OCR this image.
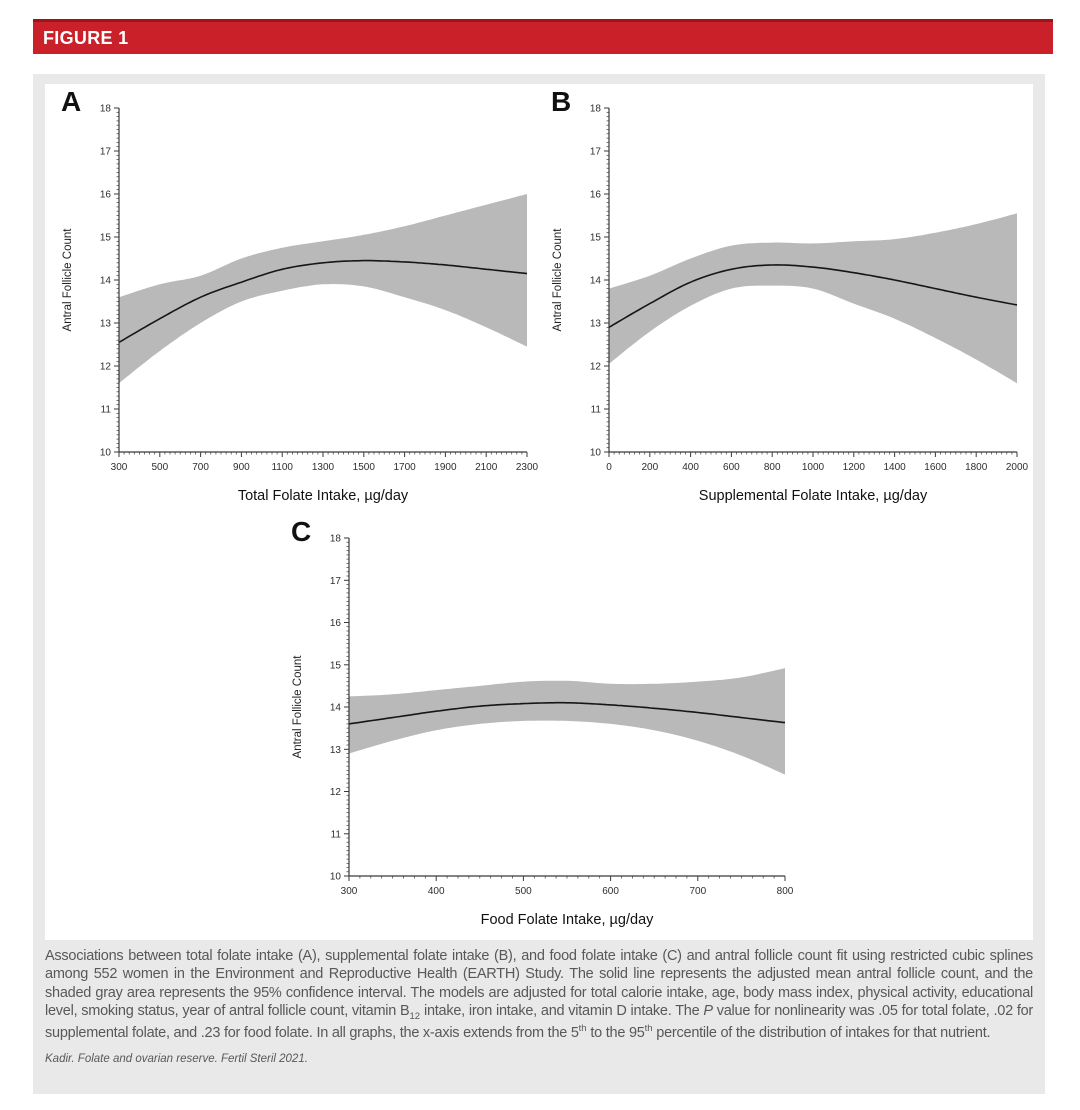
FIGURE 1
A
10
11
12
13
14
15
16
17
18
300 500 700 900 1100 1300 1500 1700 1900 2100 2300
Total Folate Intake, µg/day
Antral Follicle Count
B
10
11
12
13
14
15
16
17
18
0	200 400 600 800 1000 1200 1400 1600 1800 2000
Supplemental Folate Intake, µg/day
Antral Follicle Count
C
10
11
12
13
14
15
16
17
18
300	400	500	600	700	800
Food Folate Intake, µg/day
Antral Follicle Count
Associations between total folate intake (A), supplemental folate intake (B), and food folate intake (C) and antral follicle count fit using restricted cubic splines among 552 women in the Environment and Reproductive Health (EARTH) Study. The solid line represents the adjusted mean antral follicle count, and the shaded gray area represents the 95% confidence interval. The models are adjusted for total calorie intake, age, body mass index, physical activity, educational level, smoking status, year of antral follicle count, vitamin $B_{12}$ intake, iron intake, and vitamin D intake. The P value for nonlinearity was .05 for total folate, .02 for supplemental folate, and .23 for food folate. In all graphs, the x-axis extends from the 5th to the 95th percentile of the distribution of intakes for that nutrient.
Kadir. Folate and ovarian reserve. Fertil Steril 2021.
